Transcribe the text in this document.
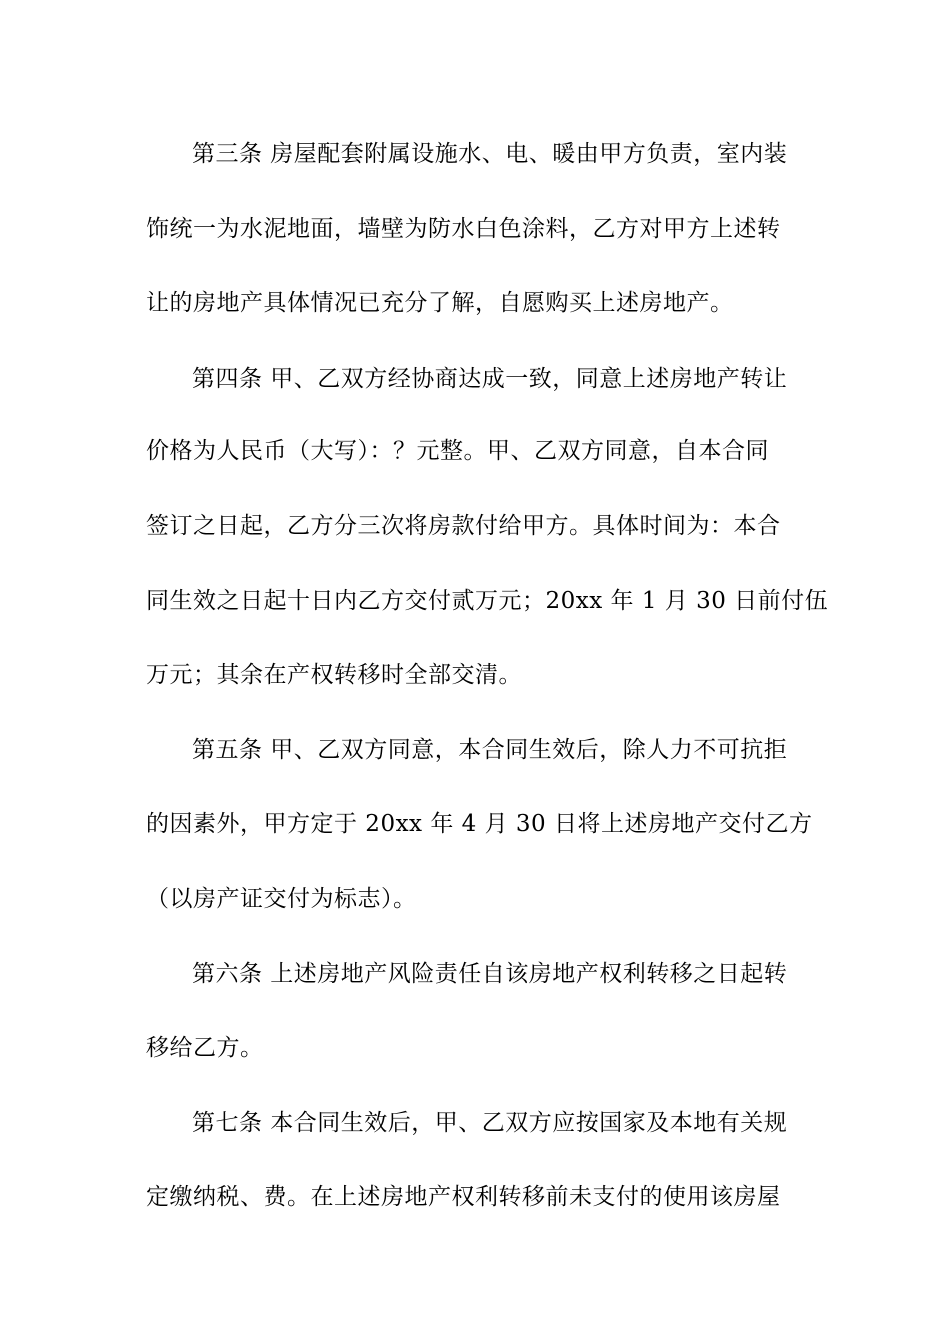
第三条 房屋配套附属设施水、电、暖由甲方负责，室内装
饰统一为水泥地面，墙壁为防水白色涂料，乙方对甲方上述转
让的房地产具体情况已充分了解，自愿购买上述房地产。
第四条 甲、乙双方经协商达成一致，同意上述房地产转让
价格为人民币（大写）：？元整。甲、乙双方同意，自本合同
签订之日起，乙方分三次将房款付给甲方。具体时间为：本合
同生效之日起十日内乙方交付贰万元；20xx 年 1 月 30 日前付伍
万元；其余在产权转移时全部交清。
第五条 甲、乙双方同意，本合同生效后，除人力不可抗拒
的因素外，甲方定于 20xx 年 4 月 30 日将上述房地产交付乙方
（以房产证交付为标志）。
第六条 上述房地产风险责任自该房地产权利转移之日起转
移给乙方。
第七条 本合同生效后，甲、乙双方应按国家及本地有关规
定缴纳税、费。在上述房地产权利转移前未支付的使用该房屋
